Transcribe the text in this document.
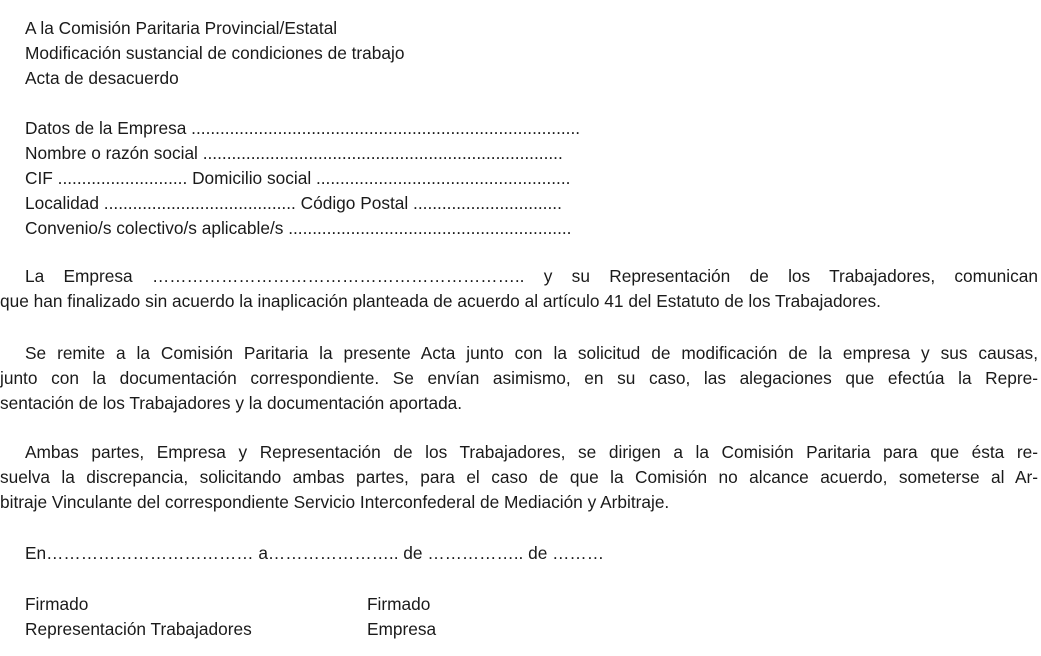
A la Comisión Paritaria Provincial/Estatal
Modificación sustancial de condiciones de trabajo
Acta de desacuerdo
Datos de la Empresa .................................................................................
Nombre o razón social ...........................................................................
CIF ........................... Domicilio social .....................................................
Localidad ........................................ Código Postal ...............................
Convenio/s colectivo/s aplicable/s ...........................................................
La Empresa ……………………………………………………….. y su Representación de los Trabajadores, comunican
que han finalizado sin acuerdo la inaplicación planteada de acuerdo al artículo 41 del Estatuto de los Trabajadores.
Se remite a la Comisión Paritaria la presente Acta junto con la solicitud de modificación de la empresa y sus causas,
junto con la documentación correspondiente. Se envían asimismo, en su caso, las alegaciones que efectúa la Repre-
sentación de los Trabajadores y la documentación aportada.
Ambas partes, Empresa y Representación de los Trabajadores, se dirigen a la Comisión Paritaria para que ésta re-
suelva la discrepancia, solicitando ambas partes, para el caso de que la Comisión no alcance acuerdo, someterse al Ar-
bitraje Vinculante del correspondiente Servicio Interconfederal de Mediación y Arbitraje.
En……………………………… a………………….. de …………….. de ………
Firmado
Representación Trabajadores
Firmado
Empresa
